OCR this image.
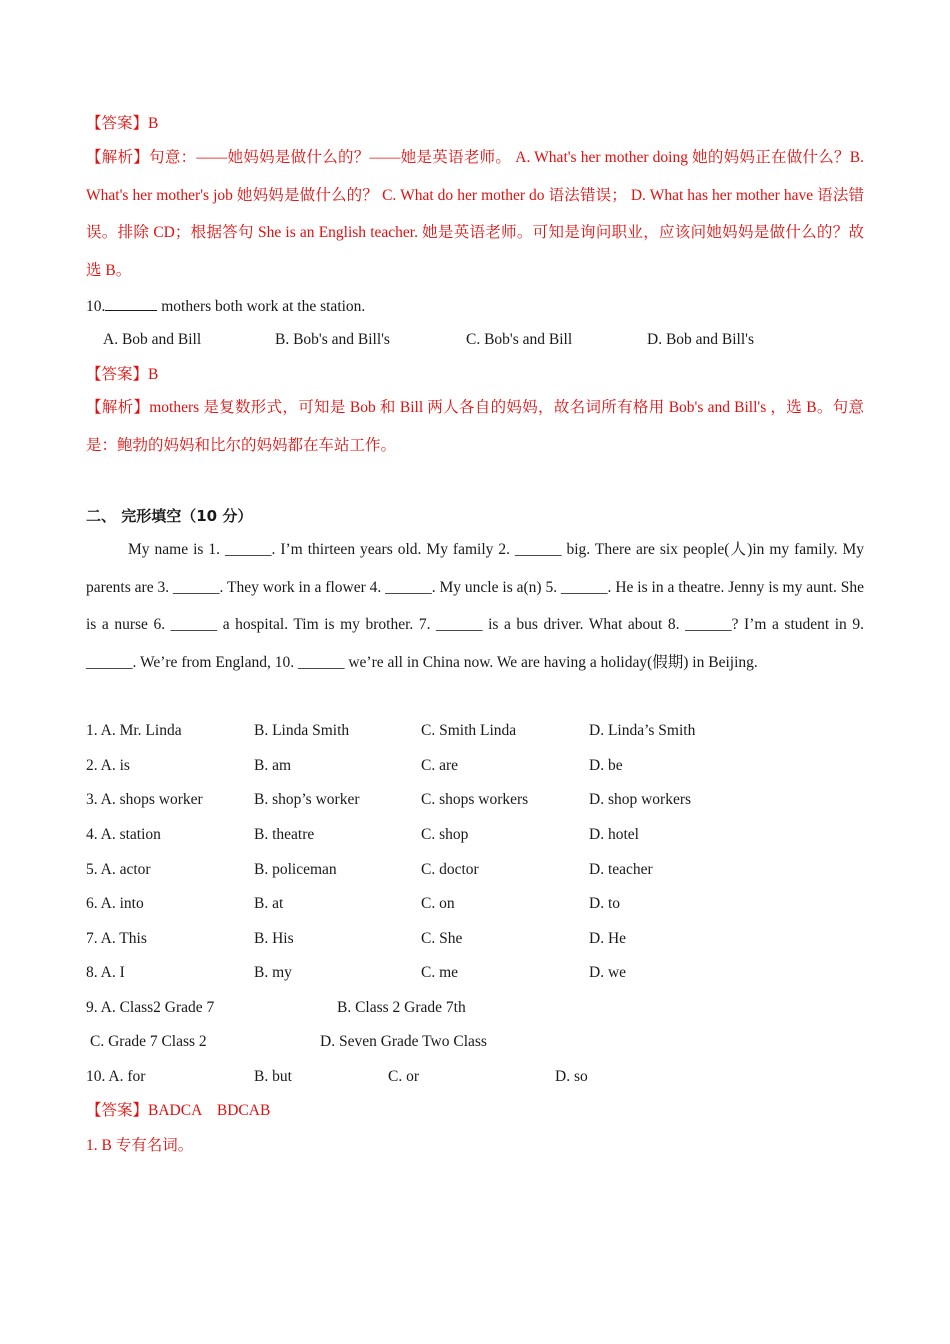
【答案】B
【解析】句意：——她妈妈是做什么的？——她是英语老师。 A. What's her mother doing 她的妈妈正在做什么？B. What's her mother's job 她妈妈是做什么的？ C. What do her mother do 语法错误； D. What has her mother have 语法错误。排除 CD；根据答句 She is an English teacher. 她是英语老师。可知是询问职业，应该问她妈妈是做什么的？故选 B。
10.	mothers both work at the station.
A. Bob and Bill	B. Bob's and Bill's	C. Bob's and Bill	D. Bob and Bill's
【答案】B
【解析】mothers 是复数形式，可知是 Bob 和 Bill 两人各自的妈妈，故名词所有格用 Bob's and Bill's ，选 B。句意是：鲍勃的妈妈和比尔的妈妈都在车站工作。
二、 完形填空（10 分）
My name is 1. ______. I’m thirteen years old. My family 2. ______ big. There are six people(人)in my family. My parents are 3. ______. They work in a flower 4. ______. My uncle is a(n) 5. ______. He is in a theatre. Jenny is my aunt. She is a nurse 6. ______ a hospital. Tim is my brother. 7. ______ is a bus driver. What about 8. ______? I’m a student in 9. ______. We’re from England, 10. ______ we’re all in China now. We are having a holiday(假期) in Beijing.
1. A. Mr. Linda	B. Linda Smith	C. Smith Linda	D. Linda’s Smith
2. A. is	B. am	C. are	D. be
3. A. shops worker	B. shop’s worker	C. shops workers	D. shop workers
4. A. station	B. theatre	C. shop	D. hotel
5. A. actor	B. policeman	C. doctor	D. teacher
6. A. into	B. at	C. on	D. to
7. A. This	B. His	C. She	D. He
8. A. I	B. my	C. me	D. we
9. A. Class2 Grade 7	B. Class 2 Grade 7th
C. Grade 7 Class 2	D. Seven Grade Two Class
10. A. for	B. but	C. or	D. so
【答案】BADCA    BDCAB
1. B 专有名词。
